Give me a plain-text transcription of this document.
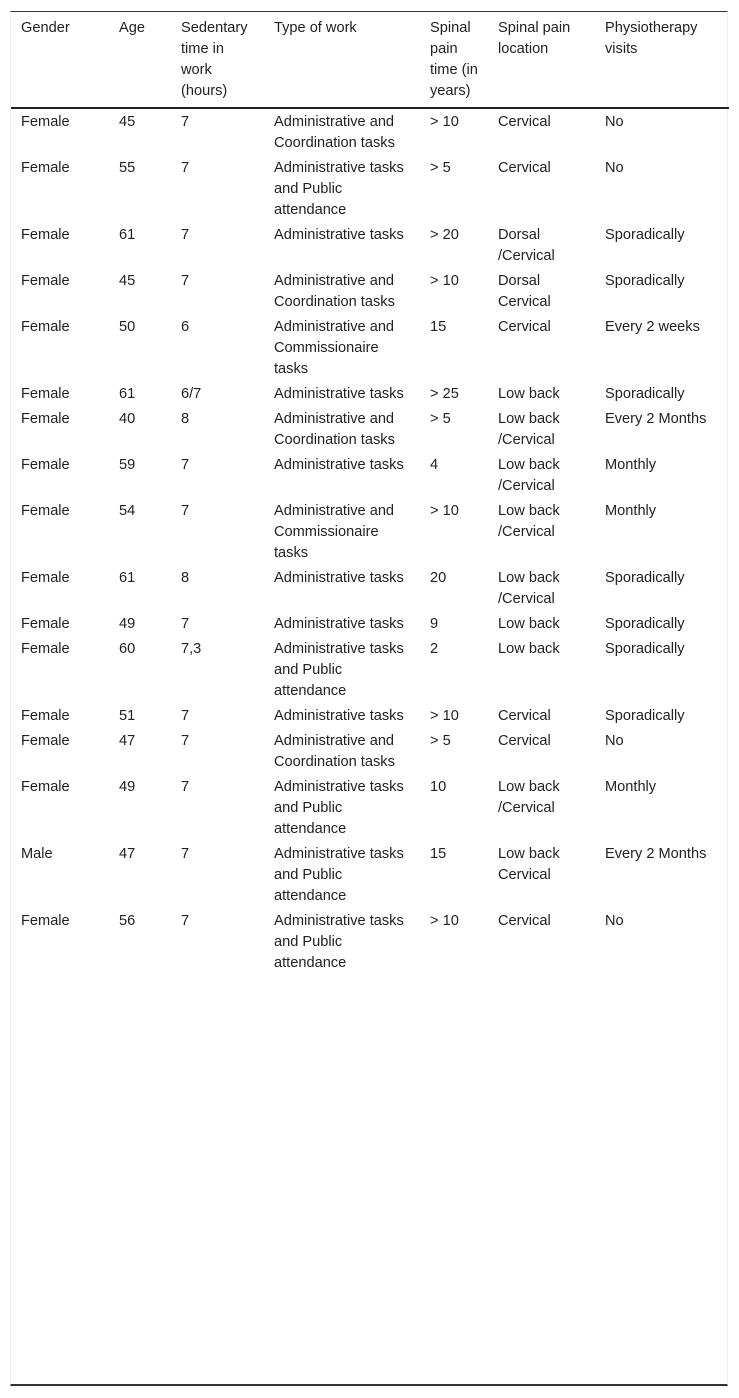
Gender	Age	Sedentary time in work (hours)	Type of work	Spinal pain time (in years)	Spinal pain location	Physiotherapy visits
Female	45	7	Administrative and Coordination tasks	> 10	Cervical	No
Female	55	7	Administrative tasks and Public attendance	> 5	Cervical	No
Female	61	7	Administrative tasks	> 20	Dorsal /Cervical	Sporadically
Female	45	7	Administrative and Coordination tasks	> 10	Dorsal Cervical	Sporadically
Female	50	6	Administrative and Commissionaire tasks	15	Cervical	Every 2 weeks
Female	61	6/7	Administrative tasks	> 25	Low back	Sporadically
Female	40	8	Administrative and Coordination tasks	> 5	Low back /Cervical	Every 2 Months
Female	59	7	Administrative tasks	4	Low back /Cervical	Monthly
Female	54	7	Administrative and Commissionaire tasks	> 10	Low back /Cervical	Monthly
Female	61	8	Administrative tasks	20	Low back /Cervical	Sporadically
Female	49	7	Administrative tasks	9	Low back	Sporadically
Female	60	7,3	Administrative tasks and Public attendance	2	Low back	Sporadically
Female	51	7	Administrative tasks	> 10	Cervical	Sporadically
Female	47	7	Administrative and Coordination tasks	> 5	Cervical	No
Female	49	7	Administrative tasks and Public attendance	10	Low back /Cervical	Monthly
Male	47	7	Administrative tasks and Public attendance	15	Low back Cervical	Every 2 Months
Female	56	7	Administrative tasks and Public attendance	> 10	Cervical	No
